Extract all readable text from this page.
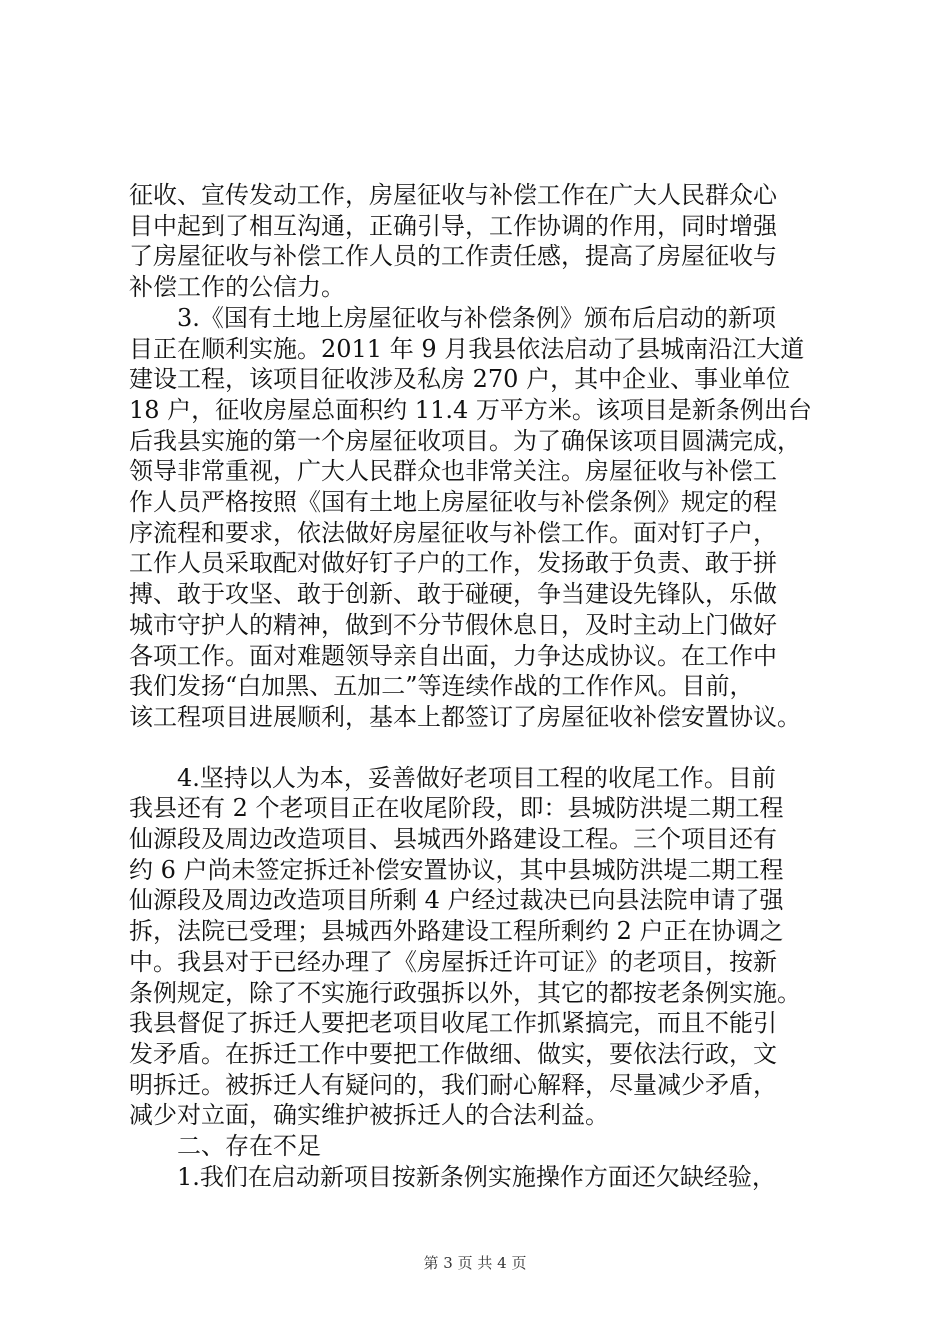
征收、宣传发动工作，房屋征收与补偿工作在广大人民群众心
目中起到了相互沟通，正确引导，工作协调的作用，同时增强
了房屋征收与补偿工作人员的工作责任感，提高了房屋征收与
补偿工作的公信力。
3.《国有土地上房屋征收与补偿条例》颁布后启动的新项
目正在顺利实施。2011 年 9 月我县依法启动了县城南沿江大道
建设工程，该项目征收涉及私房 270 户，其中企业、事业单位
18 户，征收房屋总面积约 11.4 万平方米。该项目是新条例出台
后我县实施的第一个房屋征收项目。为了确保该项目圆满完成，
领导非常重视，广大人民群众也非常关注。房屋征收与补偿工
作人员严格按照《国有土地上房屋征收与补偿条例》规定的程
序流程和要求，依法做好房屋征收与补偿工作。面对钉子户，
工作人员采取配对做好钉子户的工作，发扬敢于负责、敢于拼
搏、敢于攻坚、敢于创新、敢于碰硬，争当建设先锋队，乐做
城市守护人的精神，做到不分节假休息日，及时主动上门做好
各项工作。面对难题领导亲自出面，力争达成协议。在工作中
我们发扬“白加黑、五加二”等连续作战的工作作风。目前，
该工程项目进展顺利，基本上都签订了房屋征收补偿安置协议。
4.坚持以人为本，妥善做好老项目工程的收尾工作。目前
我县还有 2 个老项目正在收尾阶段，即：县城防洪堤二期工程
仙源段及周边改造项目、县城西外路建设工程。三个项目还有
约 6 户尚未签定拆迁补偿安置协议，其中县城防洪堤二期工程
仙源段及周边改造项目所剩 4 户经过裁决已向县法院申请了强
拆，法院已受理；县城西外路建设工程所剩约 2 户正在协调之
中。我县对于已经办理了《房屋拆迁许可证》的老项目，按新
条例规定，除了不实施行政强拆以外，其它的都按老条例实施。
我县督促了拆迁人要把老项目收尾工作抓紧搞完，而且不能引
发矛盾。在拆迁工作中要把工作做细、做实，要依法行政，文
明拆迁。被拆迁人有疑问的，我们耐心解释，尽量减少矛盾，
减少对立面，确实维护被拆迁人的合法利益。
二、存在不足
1.我们在启动新项目按新条例实施操作方面还欠缺经验，
第 3 页 共 4 页
